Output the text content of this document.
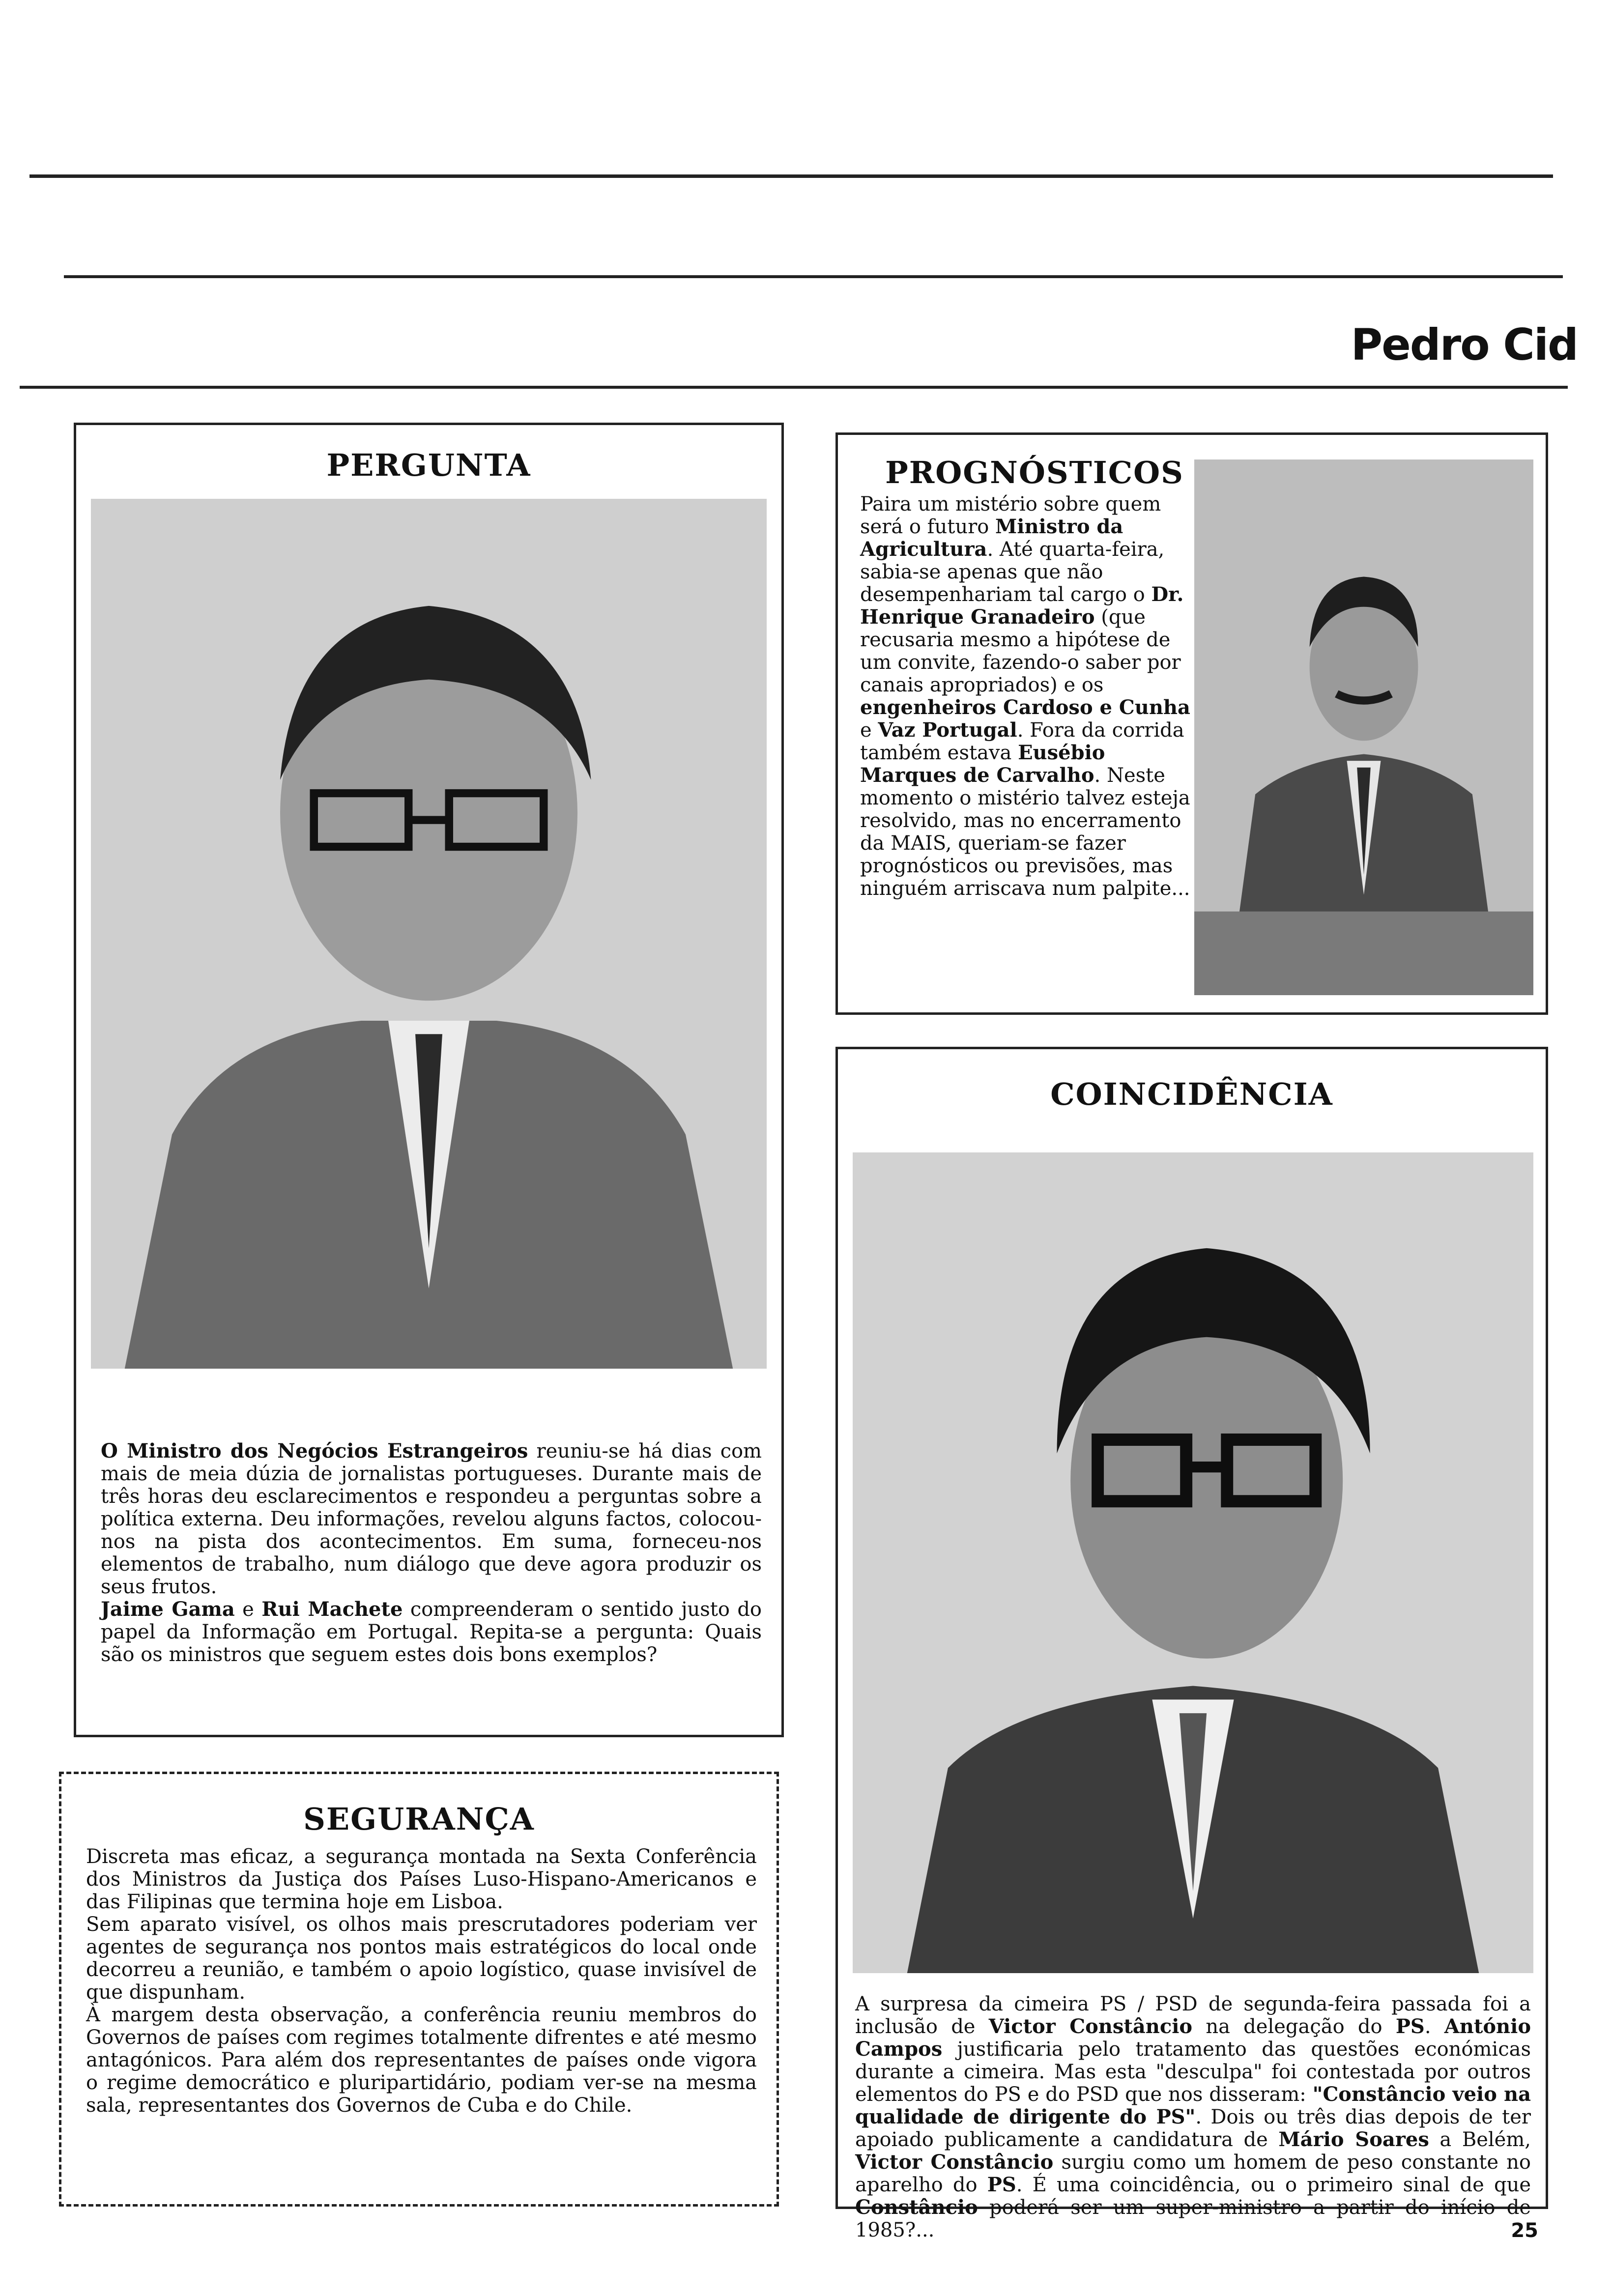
Pedro Cid
PERGUNTA

O Ministro dos Negócios Estrangeiros reuniu-se há dias com mais de meia dúzia de jornalistas portugueses. Durante mais de três horas deu esclarecimentos e respondeu a perguntas sobre a política externa. Deu informações, revelou alguns factos, colocou-nos na pista dos acontecimentos. Em suma, forneceu-nos elementos de trabalho, num diálogo que deve agora produzir os seus frutos.

Jaime Gama e Rui Machete compreenderam o sentido justo do papel da Informação em Portugal. Repita-se a pergunta: Quais são os ministros que seguem estes dois bons exemplos?

PROGNÓSTICOS

Paira um mistério sobre quem será o futuro Ministro da Agricultura. Até quarta-feira, sabia-se apenas que não desempenhariam tal cargo o Dr. Henrique Granadeiro (que recusaria mesmo a hipótese de um convite, fazendo-o saber por canais apropriados) e os engenheiros Cardoso e Cunha e Vaz Portugal. Fora da corrida também estava Eusébio Marques de Carvalho. Neste momento o mistério talvez esteja resolvido, mas no encerramento da MAIS, queriam-se fazer prognósticos ou previsões, mas ninguém arriscava num palpite...

COINCIDÊNCIA

A surpresa da cimeira PS / PSD de segunda-feira passada foi a inclusão de Victor Constâncio na delegação do PS. António Campos justificaria pelo tratamento das questões económicas durante a cimeira. Mas esta "desculpa" foi contestada por outros elementos do PS e do PSD que nos disseram: "Constâncio veio na qualidade de dirigente do PS". Dois ou três dias depois de ter apoiado publicamente a candidatura de Mário Soares a Belém, Victor Constâncio surgiu como um homem de peso constante no aparelho do PS. É uma coincidência, ou o primeiro sinal de que Constâncio poderá ser um super-ministro a partir do início de 1985?...

SEGURANÇA

Discreta mas eficaz, a segurança montada na Sexta Conferência dos Ministros da Justiça dos Países Luso-Hispano-Americanos e das Filipinas que termina hoje em Lisboa.

Sem aparato visível, os olhos mais prescrutadores poderiam ver agentes de segurança nos pontos mais estratégicos do local onde decorreu a reunião, e também o apoio logístico, quase invisível de que dispunham.

À margem desta observação, a conferência reuniu membros do Governos de países com regimes totalmente difrentes e até mesmo antagónicos. Para além dos representantes de países onde vigora o regime democrático e pluripartidário, podiam ver-se na mesma sala, representantes dos Governos de Cuba e do Chile.

25
